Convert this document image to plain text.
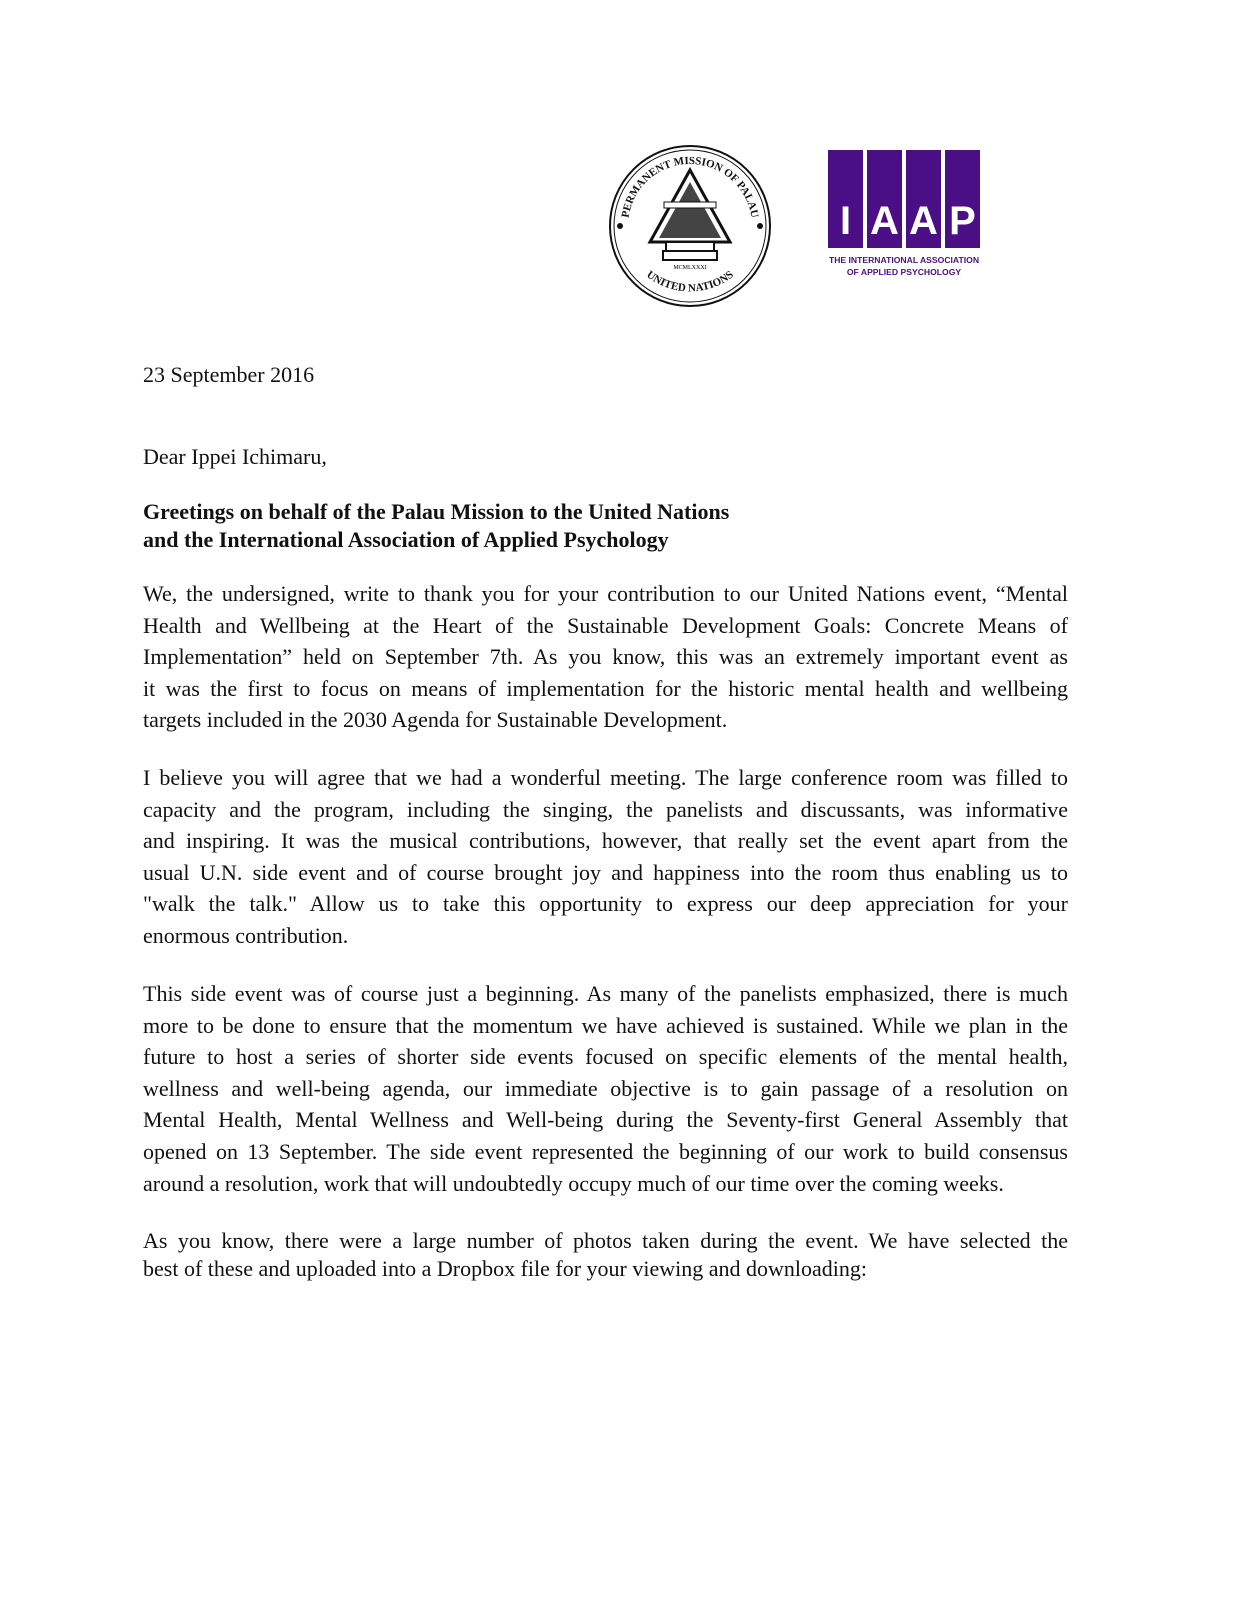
MCMLXXXI
PERMANENT MISSION OF PALAU
UNITED NATIONS
I A A P
THE INTERNATIONAL ASSOCIATION
OF APPLIED PSYCHOLOGY
23 September 2016
Dear Ippei Ichimaru,
Greetings on behalf of the Palau Mission to the United Nations
and the International Association of Applied Psychology
We, the undersigned, write to thank you for your contribution to our United Nations event, “Mental
Health and Wellbeing at the Heart of the Sustainable Development Goals: Concrete Means of
Implementation” held on September 7th. As you know, this was an extremely important event as
it was the first to focus on means of implementation for the historic mental health and wellbeing
targets included in the 2030 Agenda for Sustainable Development.
I believe you will agree that we had a wonderful meeting. The large conference room was filled to
capacity and the program, including the singing, the panelists and discussants, was informative
and inspiring. It was the musical contributions, however, that really set the event apart from the
usual U.N. side event and of course brought joy and happiness into the room thus enabling us to
"walk the talk." Allow us to take this opportunity to express our deep appreciation for your
enormous contribution.
This side event was of course just a beginning. As many of the panelists emphasized, there is much
more to be done to ensure that the momentum we have achieved is sustained. While we plan in the
future to host a series of shorter side events focused on specific elements of the mental health,
wellness and well-being agenda, our immediate objective is to gain passage of a resolution on
Mental Health, Mental Wellness and Well-being during the Seventy-first General Assembly that
opened on 13 September. The side event represented the beginning of our work to build consensus
around a resolution, work that will undoubtedly occupy much of our time over the coming weeks.
As you know, there were a large number of photos taken during the event. We have selected the
best of these and uploaded into a Dropbox file for your viewing and downloading:
